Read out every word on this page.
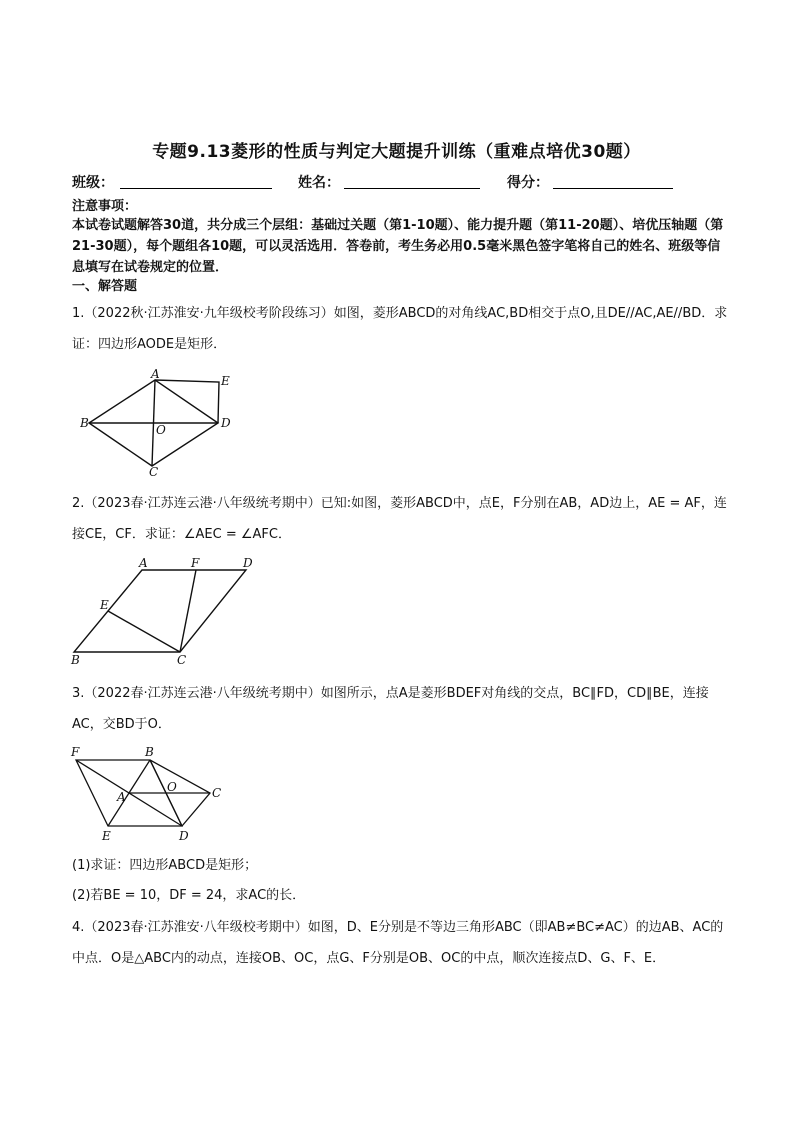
专题9.13菱形的性质与判定大题提升训练（重难点培优30题）
班级：	姓名：	得分：
注意事项：
本试卷试题解答30道，共分成三个层组：基础过关题（第1-10题）、能力提升题（第11-20题）、培优压轴题（第21-30题），每个题组各10题，可以灵活选用．答卷前，考生务必用0.5毫米黑色签字笔将自己的姓名、班级等信息填写在试卷规定的位置．
一、解答题
1.（2022秋·江苏淮安·九年级校考阶段练习）如图，菱形ABCD的对角线AC,BD相交于点O,且DE//AC,AE//BD．求证：四边形AODE是矩形．
A	E
B	O	D
C
2.（2023春·江苏连云港·八年级统考期中）已知:如图，菱形ABCD中，点E，F分别在AB，AD边上，AE = AF，连接CE，CF．求证：∠AEC = ∠AFC．
A	F	D
E
B	C
3.（2022春·江苏连云港·八年级统考期中）如图所示，点A是菱形BDEF对角线的交点，BC∥FD，CD∥BE，连接AC，交BD于O．
F	B
O
A	C
E	D
(1)求证：四边形ABCD是矩形；
(2)若BE = 10，DF = 24，求AC的长．
4.（2023春·江苏淮安·八年级校考期中）如图，D、E分别是不等边三角形ABC（即AB≠BC≠AC）的边AB、AC的中点．O是△ABC内的动点，连接OB、OC，点G、F分别是OB、OC的中点，顺次连接点D、G、F、E．
